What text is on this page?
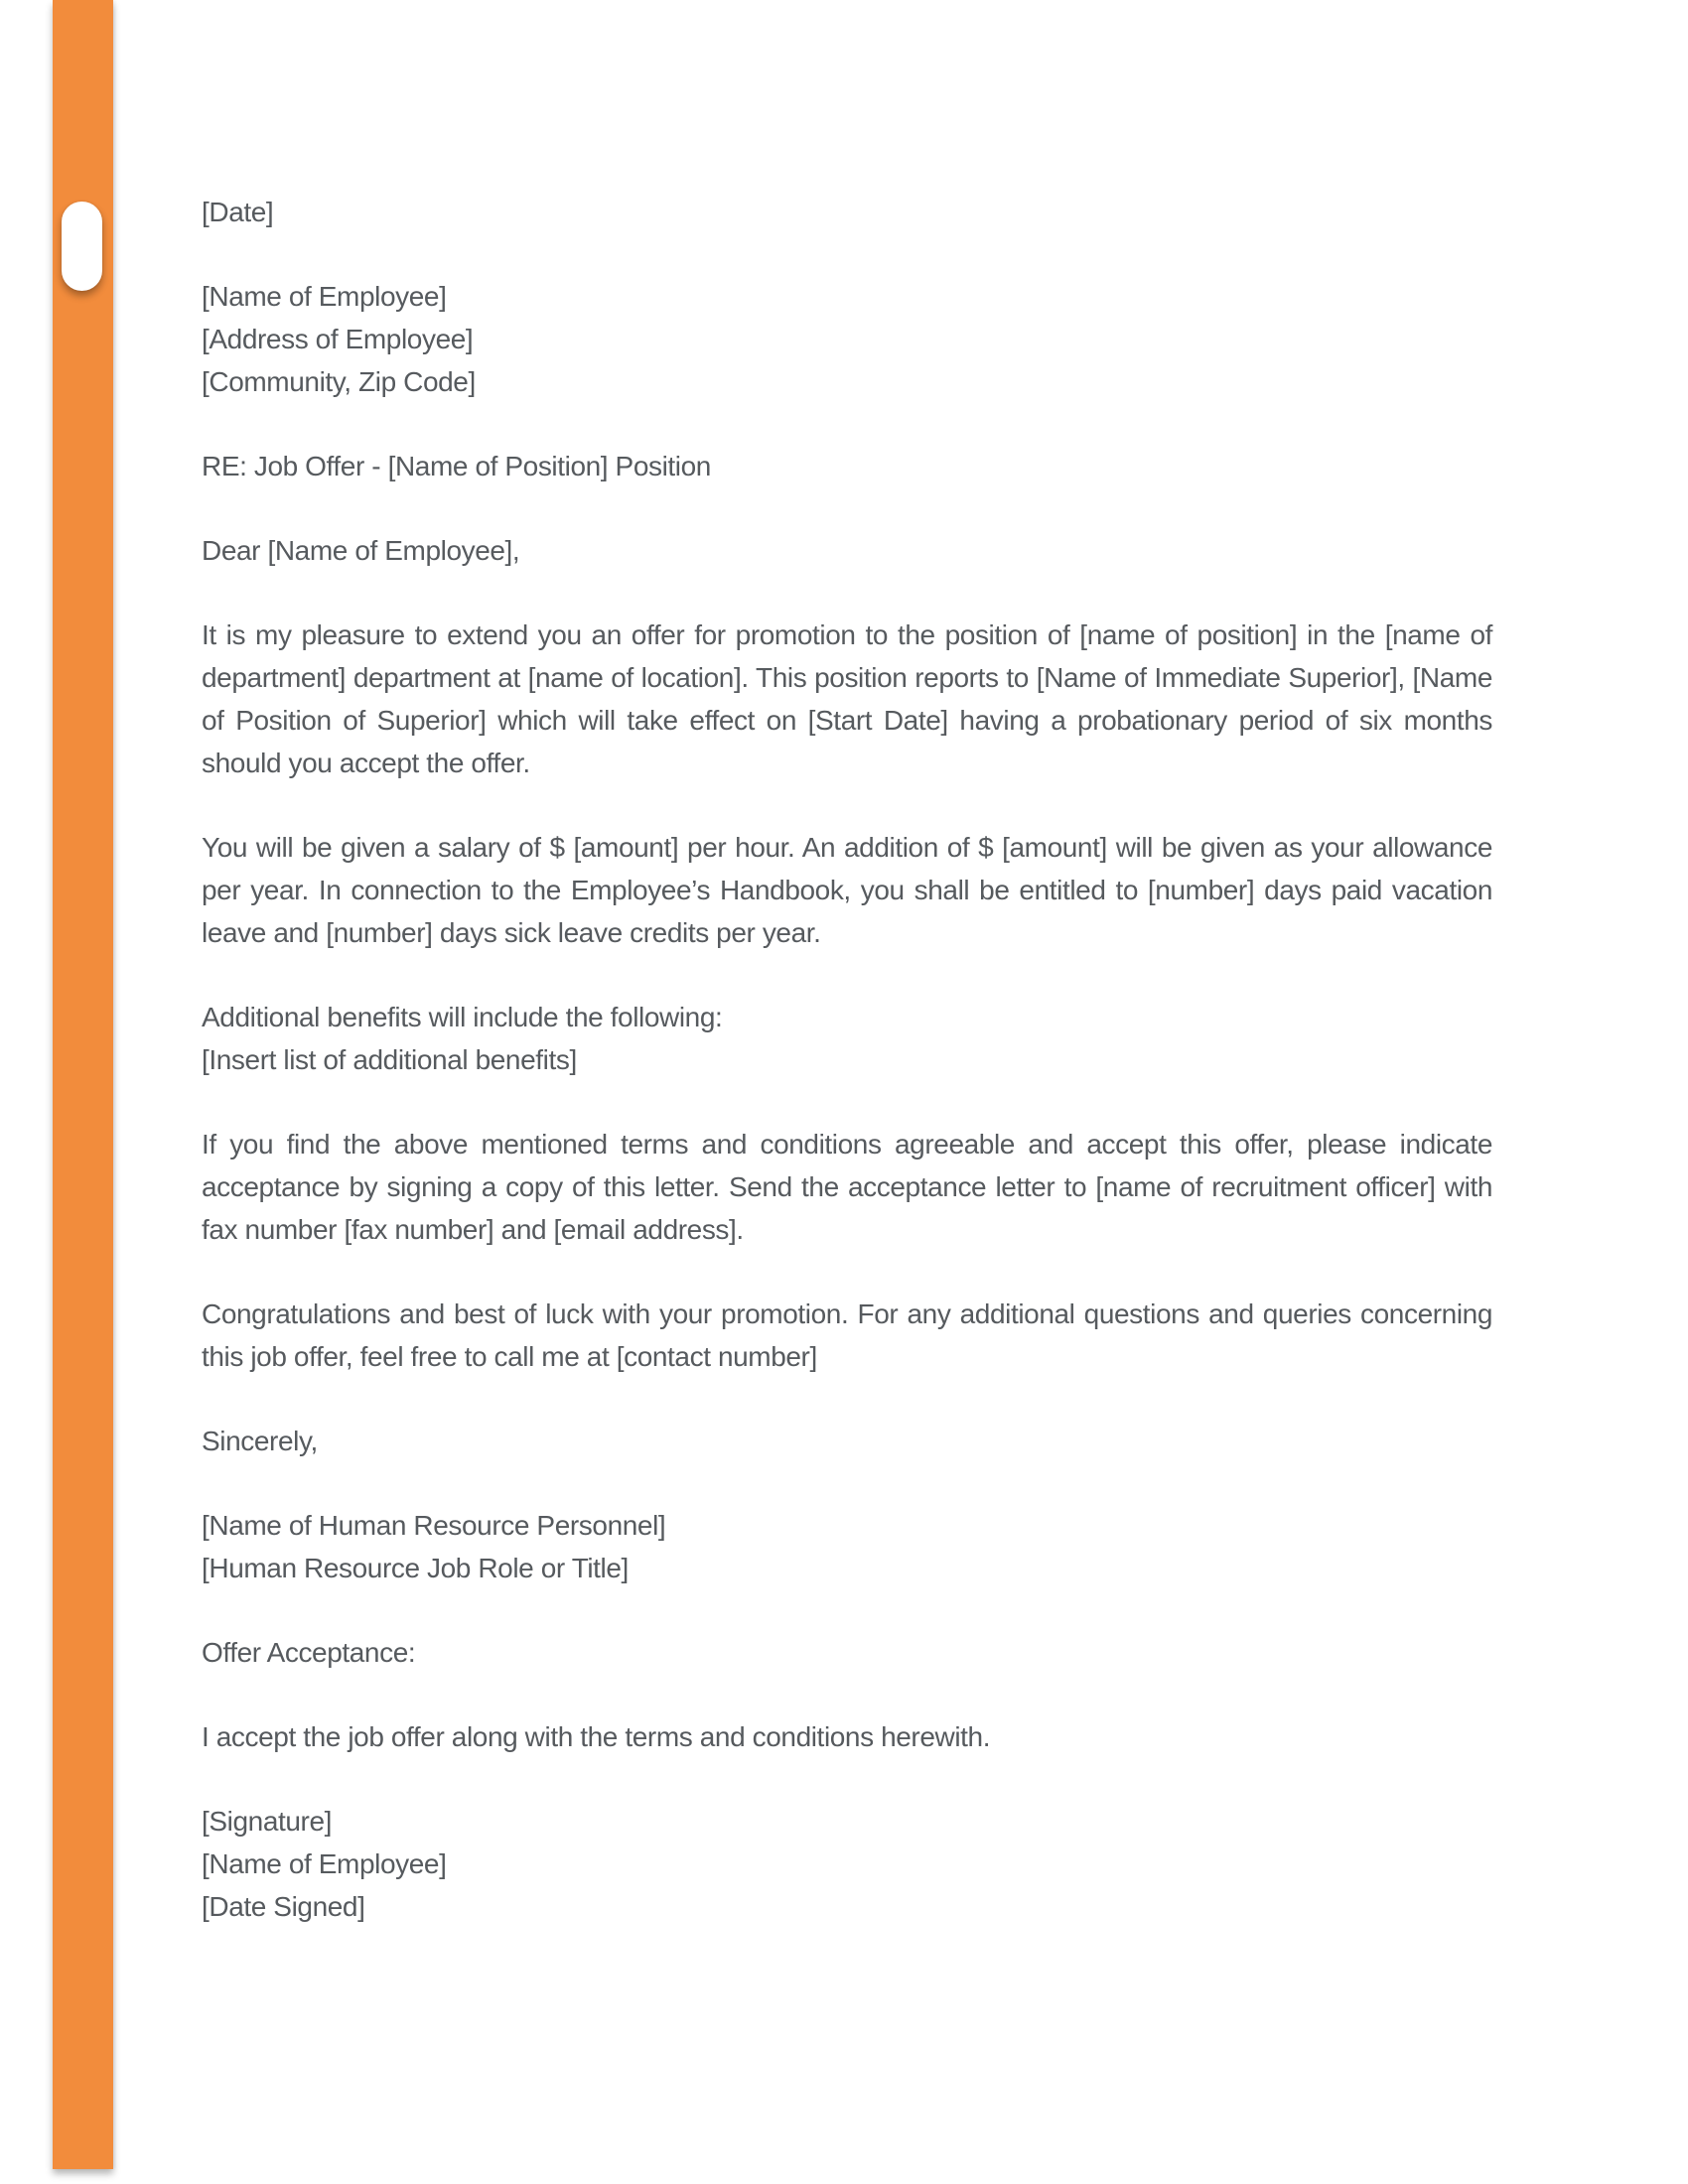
[Date]
[Name of Employee]
[Address of Employee]
[Community, Zip Code]
RE: Job Offer - [Name of Position] Position
Dear [Name of Employee],
It is my pleasure to extend you an offer for promotion to the position of [name of position] in the [name of department] department at [name of location]. This position reports to [Name of Immediate Superior], [Name of Position of Superior] which will take effect on [Start Date] having a probationary period of six months should you accept the offer.
You will be given a salary of $ [amount] per hour. An addition of $ [amount] will be given as your allowance per year. In connection to the Employee’s Handbook, you shall be entitled to [number] days paid vacation leave and [number] days sick leave credits per year.
Additional benefits will include the following:
[Insert list of additional benefits]
If you find the above mentioned terms and conditions agreeable and accept this offer, please indicate acceptance by signing a copy of this letter. Send the acceptance letter to [name of recruitment officer] with fax number [fax number] and [email address].
Congratulations and best of luck with your promotion. For any additional questions and queries concerning this job offer, feel free to call me at [contact number]
Sincerely,
[Name of Human Resource Personnel]
[Human Resource Job Role or Title]
Offer Acceptance:
I accept the job offer along with the terms and conditions herewith.
[Signature]
[Name of Employee]
[Date Signed]
